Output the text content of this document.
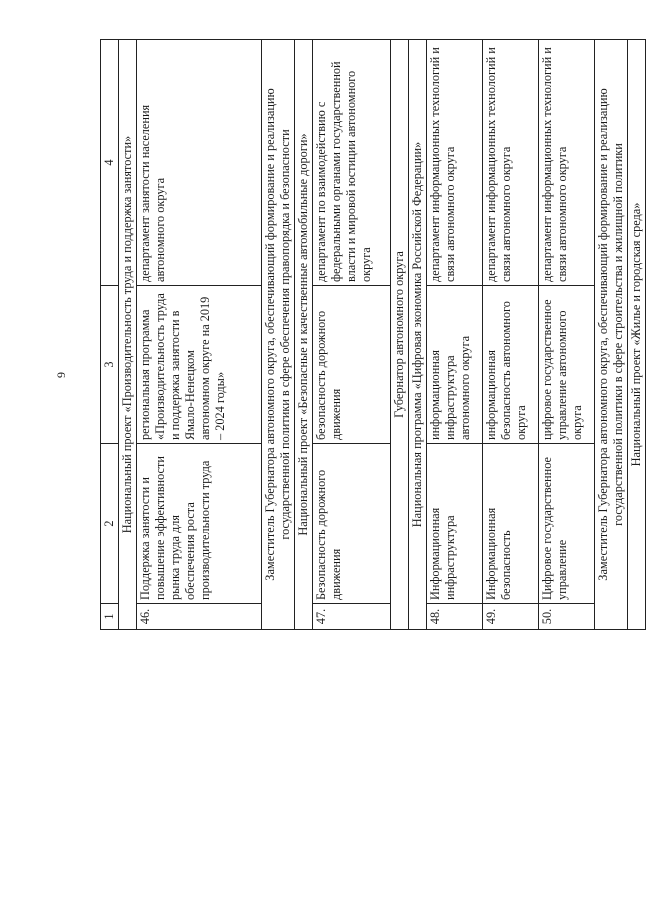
9
1	2	3	4
Национальный проект «Производительность труда и поддержка занятости»			
46.	Поддержка занятости и повышение эффективности рынка труда для обеспечения роста производительности труда	региональная программа «Производительность труда и поддержка занятости в Ямало-Ненецком автономном округе на 2019 – 2024 годы»	департамент занятости населения автономного округа
Заместитель Губернатора автономного округа, обеспечивающий формирование и реализацию государственной политики в сфере обеспечения правопорядка и безопасности			
Национальный проект «Безопасные и качественные автомобильные дороги»			
47.	Безопасность дорожного движения	безопасность дорожного движения	департамент по взаимодействию с федеральными органами государственной власти и мировой юстиции автономного округа
Губернатор автономного округа			
Национальная программа «Цифровая экономика Российской Федерации»			
48.	Информационная инфраструктура	информационная инфраструктура автономного округа	департамент информационных технологий и связи автономного округа
49.	Информационная безопасность	информационная безопасность автономного округа	департамент информационных технологий и связи автономного округа
50.	Цифровое государственное управление	цифровое государственное управление автономного округа	департамент информационных технологий и связи автономного округа
Заместитель Губернатора автономного округа, обеспечивающий формирование и реализацию государственной политики в сфере строительства и жилищной политики			
Национальный проект «Жилье и городская среда»			
